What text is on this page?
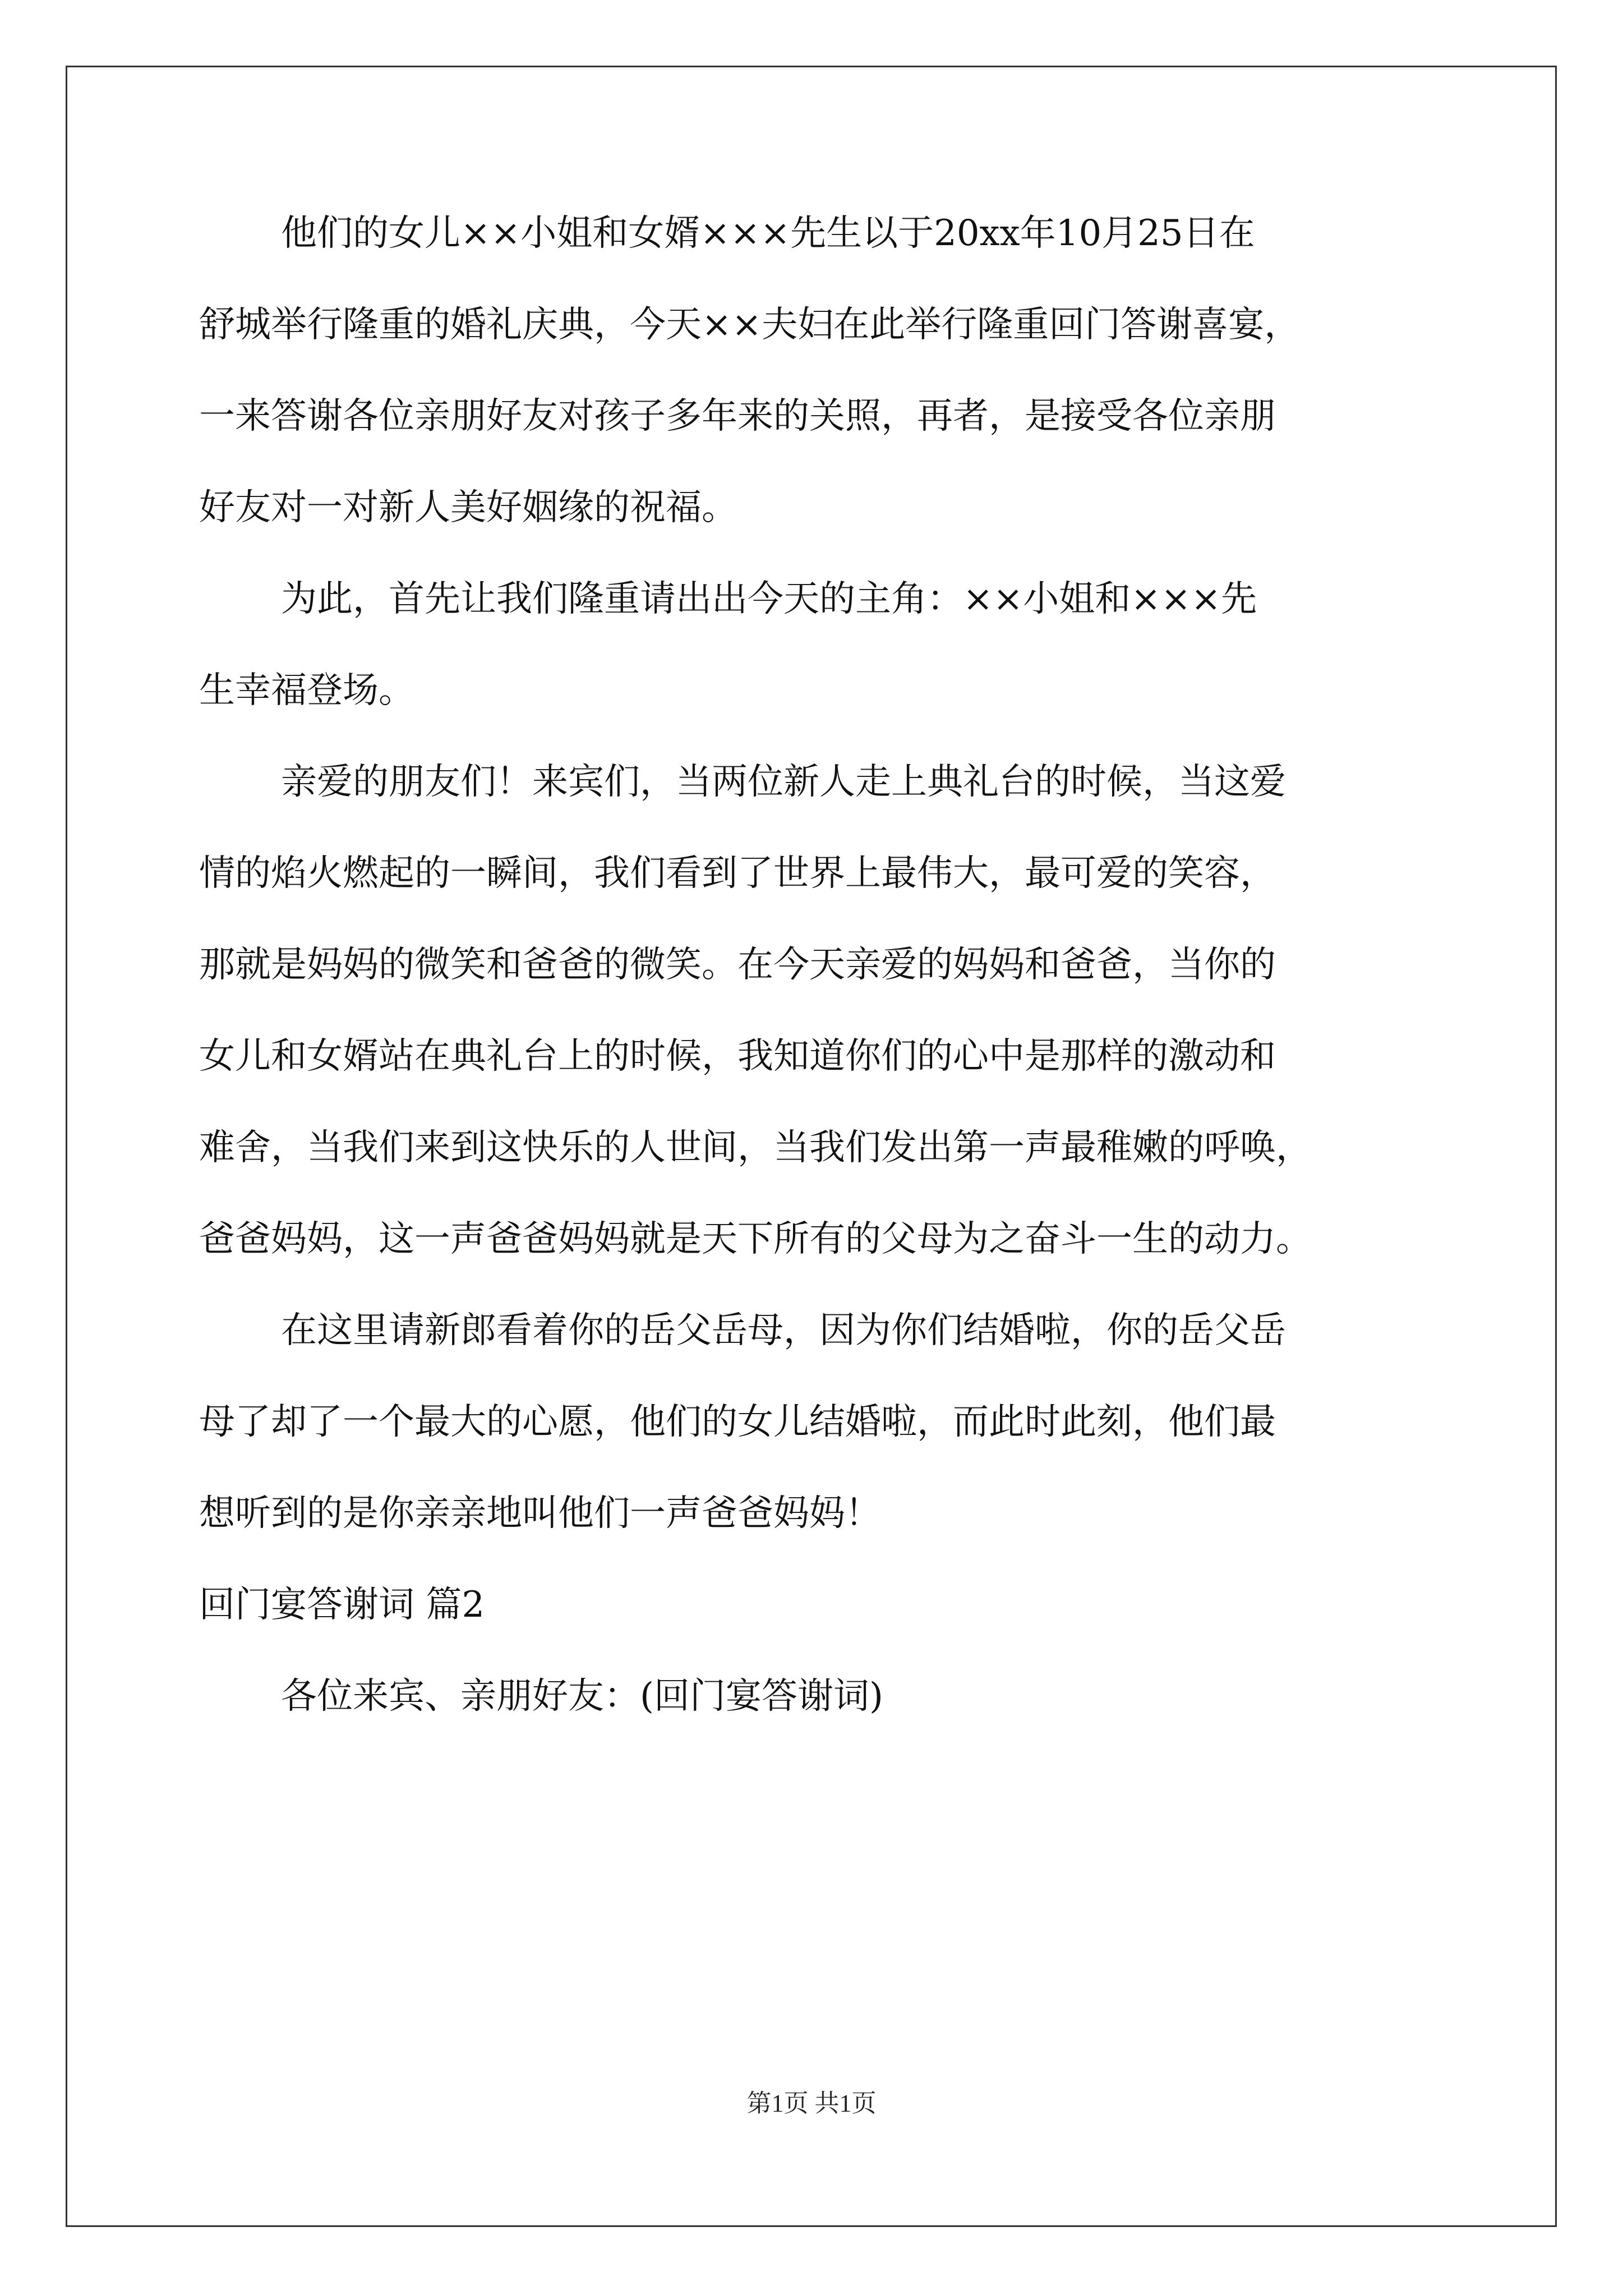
他们的女儿××小姐和女婿×××先生以于20xx年10月25日在
舒城举行隆重的婚礼庆典，今天××夫妇在此举行隆重回门答谢喜宴，
一来答谢各位亲朋好友对孩子多年来的关照，再者，是接受各位亲朋
好友对一对新人美好姻缘的祝福。
为此，首先让我们隆重请出出今天的主角：××小姐和×××先
生幸福登场。
亲爱的朋友们！来宾们，当两位新人走上典礼台的时候，当这爱
情的焰火燃起的一瞬间，我们看到了世界上最伟大，最可爱的笑容，
那就是妈妈的微笑和爸爸的微笑。在今天亲爱的妈妈和爸爸，当你的
女儿和女婿站在典礼台上的时候，我知道你们的心中是那样的激动和
难舍，当我们来到这快乐的人世间，当我们发出第一声最稚嫩的呼唤，
爸爸妈妈，这一声爸爸妈妈就是天下所有的父母为之奋斗一生的动力。
在这里请新郎看着你的岳父岳母，因为你们结婚啦，你的岳父岳
母了却了一个最大的心愿，他们的女儿结婚啦，而此时此刻，他们最
想听到的是你亲亲地叫他们一声爸爸妈妈！
回门宴答谢词 篇2
各位来宾、亲朋好友：(回门宴答谢词)
第1页 共1页
